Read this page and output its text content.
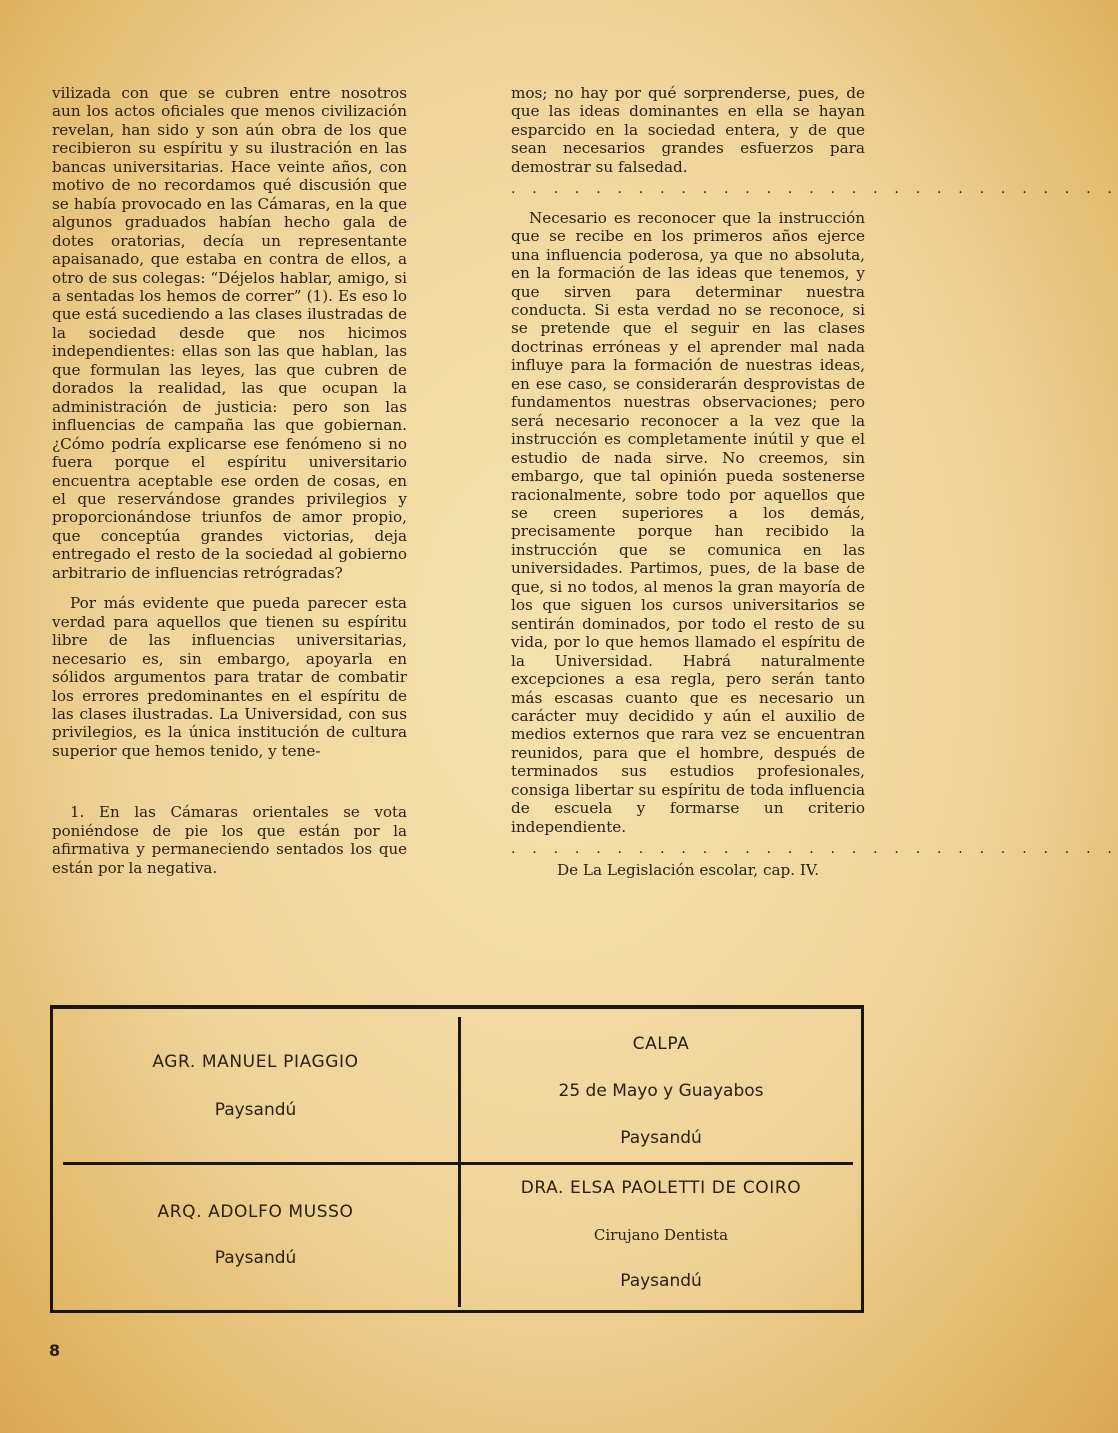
vilizada con que se cubren entre nosotros aun los actos oficiales que menos civilización revelan, han sido y son aún obra de los que recibieron su espíritu y su ilustración en las bancas universitarias. Hace veinte años, con motivo de no recordamos qué discusión que se había provocado en las Cámaras, en la que algunos graduados habían hecho gala de dotes oratorias, decía un representante apaisanado, que estaba en contra de ellos, a otro de sus colegas: “Déjelos hablar, amigo, si a sentadas los hemos de correr” (1). Es eso lo que está sucediendo a las clases ilustradas de la sociedad desde que nos hicimos independientes: ellas son las que hablan, las que formulan las leyes, las que cubren de dorados la realidad, las que ocupan la administración de justicia: pero son las influencias de campaña las que gobiernan. ¿Cómo podría explicarse ese fenómeno si no fuera porque el espíritu universitario encuentra aceptable ese orden de cosas, en el que reservándose grandes privilegios y proporcionándose triunfos de amor propio, que conceptúa grandes victorias, deja entregado el resto de la sociedad al gobierno arbitrario de influencias retrógradas?

Por más evidente que pueda parecer esta verdad para aquellos que tienen su espíritu libre de las influencias universitarias, necesario es, sin embargo, apoyarla en sólidos argumentos para tratar de combatir los errores predominantes en el espíritu de las clases ilustradas. La Universidad, con sus privilegios, es la única institución de cultura superior que hemos tenido, y tene-

1. En las Cámaras orientales se vota poniéndose de pie los que están por la afirmativa y permaneciendo sentados los que están por la negativa.

mos; no hay por qué sorprenderse, pues, de que las ideas dominantes en ella se hayan esparcido en la sociedad entera, y de que sean necesarios grandes esfuerzos para demostrar su falsedad.

. . . . . . . . . . . . . . . . . . . . . . . . . . . . .

Necesario es reconocer que la instrucción que se recibe en los primeros años ejerce una influencia poderosa, ya que no absoluta, en la formación de las ideas que tenemos, y que sirven para determinar nuestra conducta. Si esta verdad no se reconoce, si se pretende que el seguir en las clases doctrinas erróneas y el aprender mal nada influye para la formación de nuestras ideas, en ese caso, se considerarán desprovistas de fundamentos nuestras observaciones; pero será necesario reconocer a la vez que la instrucción es completamente inútil y que el estudio de nada sirve. No creemos, sin embargo, que tal opinión pueda sostenerse racionalmente, sobre todo por aquellos que se creen superiores a los demás, precisamente porque han recibido la instrucción que se comunica en las universidades. Partimos, pues, de la base de que, si no todos, al menos la gran mayoría de los que siguen los cursos universitarios se sentirán dominados, por todo el resto de su vida, por lo que hemos llamado el espíritu de la Universidad. Habrá naturalmente excepciones a esa regla, pero serán tanto más escasas cuanto que es necesario un carácter muy decidido y aún el auxilio de medios externos que rara vez se encuentran reunidos, para que el hombre, después de terminados sus estudios profesionales, consiga libertar su espíritu de toda influencia de escuela y formarse un criterio independiente.

. . . . . . . . . . . . . . . . . . . . . . . . . . . . .

De La Legislación escolar, cap. IV.

AGR. MANUEL PIAGGIO
Paysandú
CALPA
25 de Mayo y Guayabos
Paysandú
ARQ. ADOLFO MUSSO
Paysandú
DRA. ELSA PAOLETTI DE COIRO
Cirujano Dentista
Paysandú
8
